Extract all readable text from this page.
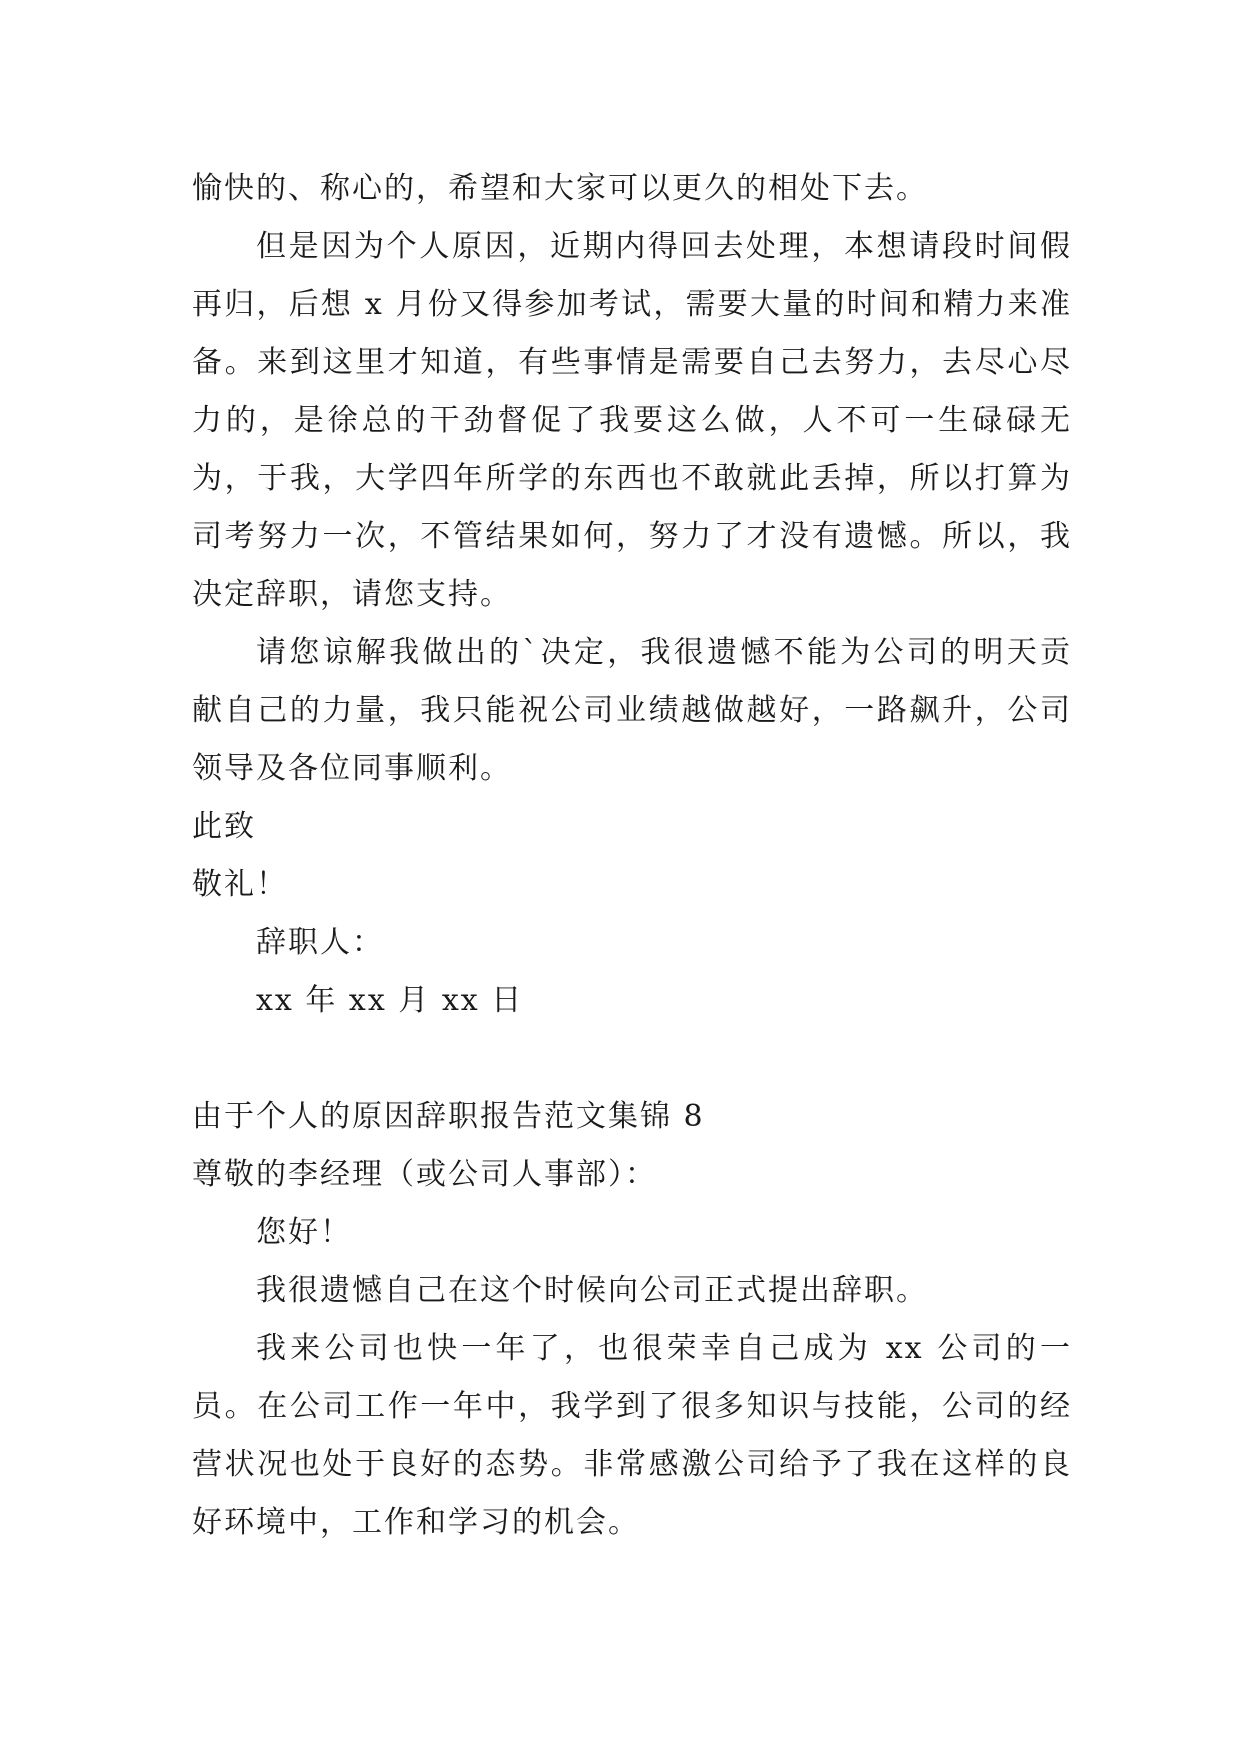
愉快的、称心的，希望和大家可以更久的相处下去。

但是因为个人原因，近期内得回去处理，本想请段时间假再归，后想 x 月份又得参加考试，需要大量的时间和精力来准备。来到这里才知道，有些事情是需要自己去努力，去尽心尽力的，是徐总的干劲督促了我要这么做，人不可一生碌碌无为，于我，大学四年所学的东西也不敢就此丢掉，所以打算为司考努力一次，不管结果如何，努力了才没有遗憾。所以，我决定辞职，请您支持。

请您谅解我做出的`决定，我很遗憾不能为公司的明天贡献自己的力量，我只能祝公司业绩越做越好，一路飙升，公司领导及各位同事顺利。

此致

敬礼！

辞职人：

xx 年 xx 月 xx 日

由于个人的原因辞职报告范文集锦 8

尊敬的李经理（或公司人事部）：

您好！

我很遗憾自己在这个时候向公司正式提出辞职。

我来公司也快一年了，也很荣幸自己成为 xx 公司的一员。在公司工作一年中，我学到了很多知识与技能，公司的经营状况也处于良好的态势。非常感激公司给予了我在这样的良好环境中，工作和学习的机会。
